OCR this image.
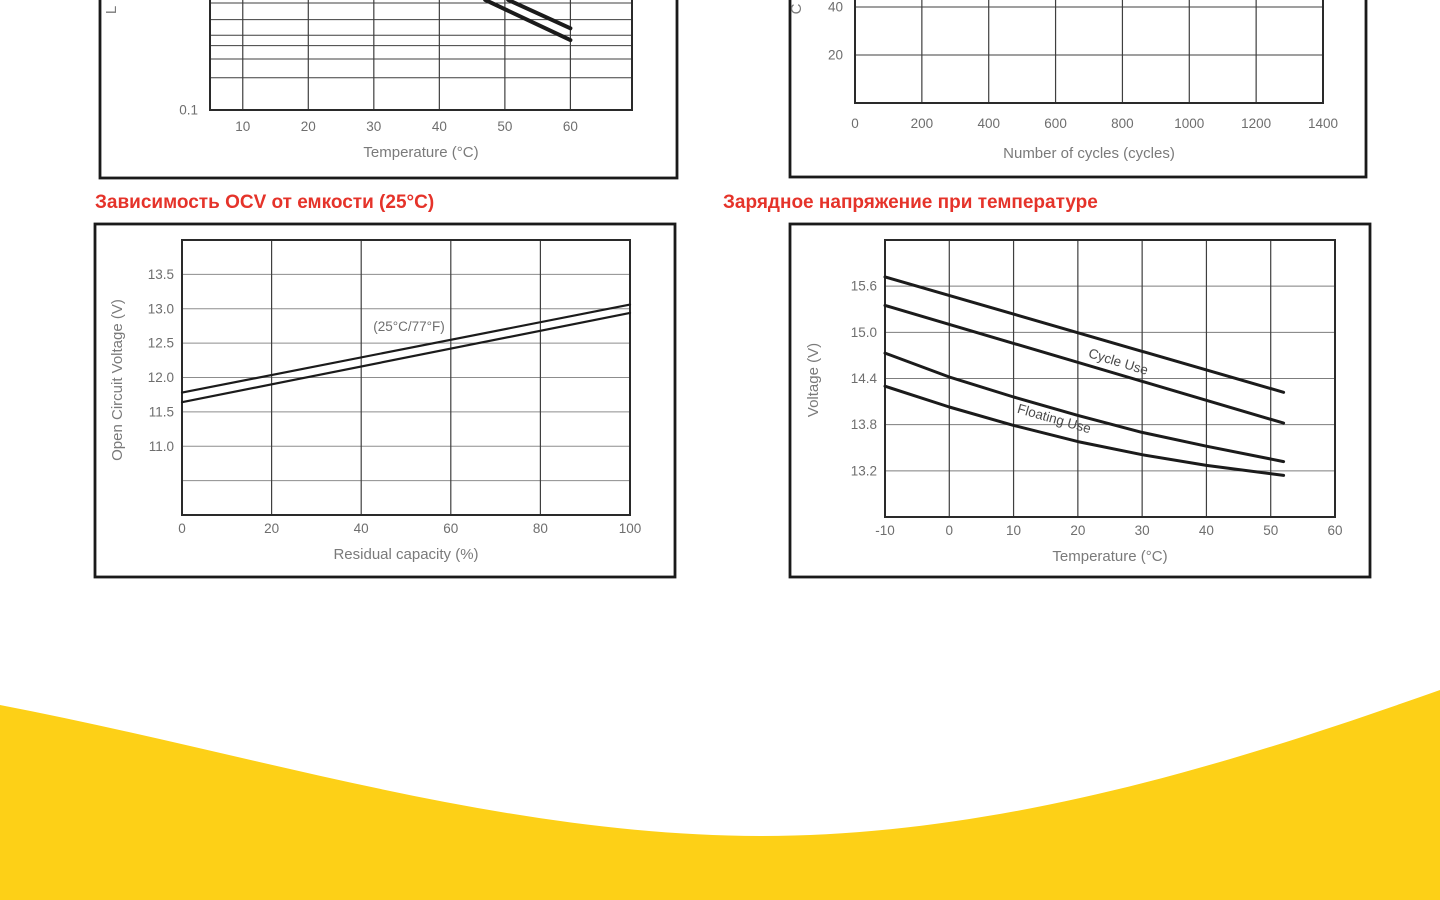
10	20	30	40	50	60
0.1
Temperature (°C)
L
0	200	400	600	800	1000	1200	1400
40
20
Number of cycles (cycles)
C
Зависимость OCV от емкости (25°C)	Зарядное напряжение при температуре
0	20	40	60	80	100
13.5
13.0
12.5
12.0
11.5
11.0
Residual capacity (%)
Open Circuit Voltage (V)	(25°C/77°F)
-10	0	10	20	30	40	50	60
15.6
15.0
14.4
13.8
13.2
Temperature (°C)
Voltage (V)	Cycle Use
Floating Use
